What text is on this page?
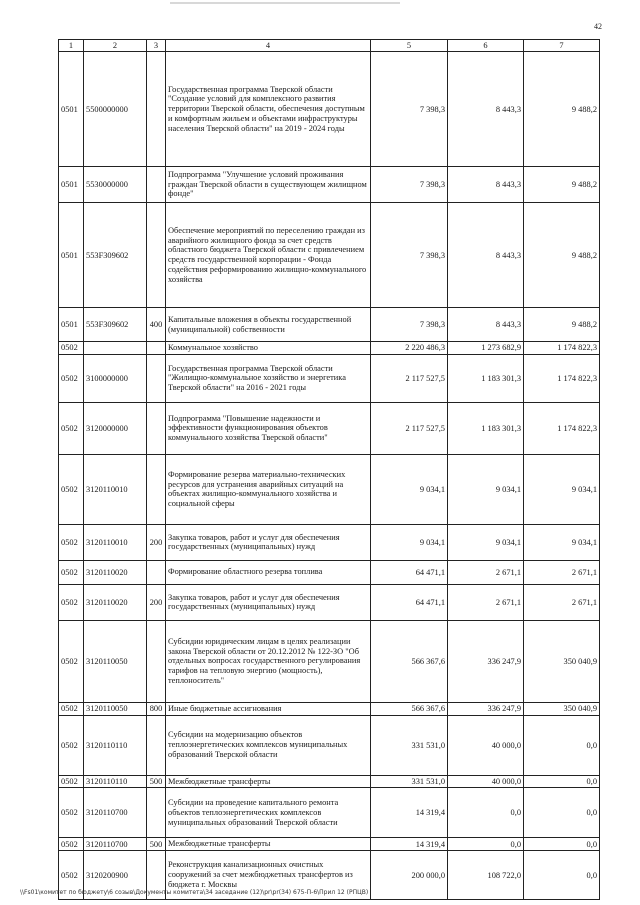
42
1	2	3	4	5	6	7
0501	5500000000		Государственная программа Тверской области "Создание условий для комплексного развития территории Тверской области, обеспечения доступным и комфортным жильем и объектами инфраструктуры населения Тверской области" на 2019 - 2024 годы	7 398,3	8 443,3	9 488,2
0501	5530000000		Подпрограмма "Улучшение условий проживания граждан Тверской области в существующем жилищном фонде"	7 398,3	8 443,3	9 488,2
0501	553F309602		Обеспечение мероприятий по переселению граждан из аварийного жилищного фонда за счет средств областного бюджета Тверской области с привлечением средств государственной корпорации - Фонда содействия реформированию жилищно-коммунального хозяйства	7 398,3	8 443,3	9 488,2
0501	553F309602	400	Капитальные вложения в объекты государственной (муниципальной) собственности	7 398,3	8 443,3	9 488,2
0502			Коммунальное хозяйство	2 220 486,3	1 273 682,9	1 174 822,3
0502	3100000000		Государственная программа Тверской области "Жилищно-коммунальное хозяйство и энергетика Тверской области" на 2016 - 2021 годы	2 117 527,5	1 183 301,3	1 174 822,3
0502	3120000000		Подпрограмма "Повышение надежности и эффективности функционирования объектов коммунального хозяйства Тверской области"	2 117 527,5	1 183 301,3	1 174 822,3
0502	3120110010		Формирование резерва материально-технических ресурсов для устранения аварийных ситуаций на объектах жилищно-коммунального хозяйства и социальной сферы	9 034,1	9 034,1	9 034,1
0502	3120110010	200	Закупка товаров, работ и услуг для обеспечения государственных (муниципальных) нужд	9 034,1	9 034,1	9 034,1
0502	3120110020		Формирование областного резерва топлива	64 471,1	2 671,1	2 671,1
0502	3120110020	200	Закупка товаров, работ и услуг для обеспечения государственных (муниципальных) нужд	64 471,1	2 671,1	2 671,1
0502	3120110050		Субсидии юридическим лицам в целях реализации закона Тверской области от 20.12.2012 № 122-ЗО "Об отдельных вопросах государственного регулирования тарифов на тепловую энергию (мощность), теплоноситель"	566 367,6	336 247,9	350 040,9
0502	3120110050	800	Иные бюджетные ассигнования	566 367,6	336 247,9	350 040,9
0502	3120110110		Субсидии на модернизацию объектов теплоэнергетических комплексов муниципальных образований Тверской области	331 531,0	40 000,0	0,0
0502	3120110110	500	Межбюджетные трансферты	331 531,0	40 000,0	0,0
0502	3120110700		Субсидии на проведение капитального ремонта объектов теплоэнергетических комплексов муниципальных образований Тверской области	14 319,4	0,0	0,0
0502	3120110700	500	Межбюджетные трансферты	14 319,4	0,0	0,0
0502	3120200900		Реконструкция канализационных очистных сооружений за счет межбюджетных трансфертов из бюджета г. Москвы	200 000,0	108 722,0	0,0
\\Fs01\комитет по бюджету\6 созыв\Документы комитета\34 заседание (12)\pr\pr(34) 675-П-6\Прил 12 (РПЦВ)
